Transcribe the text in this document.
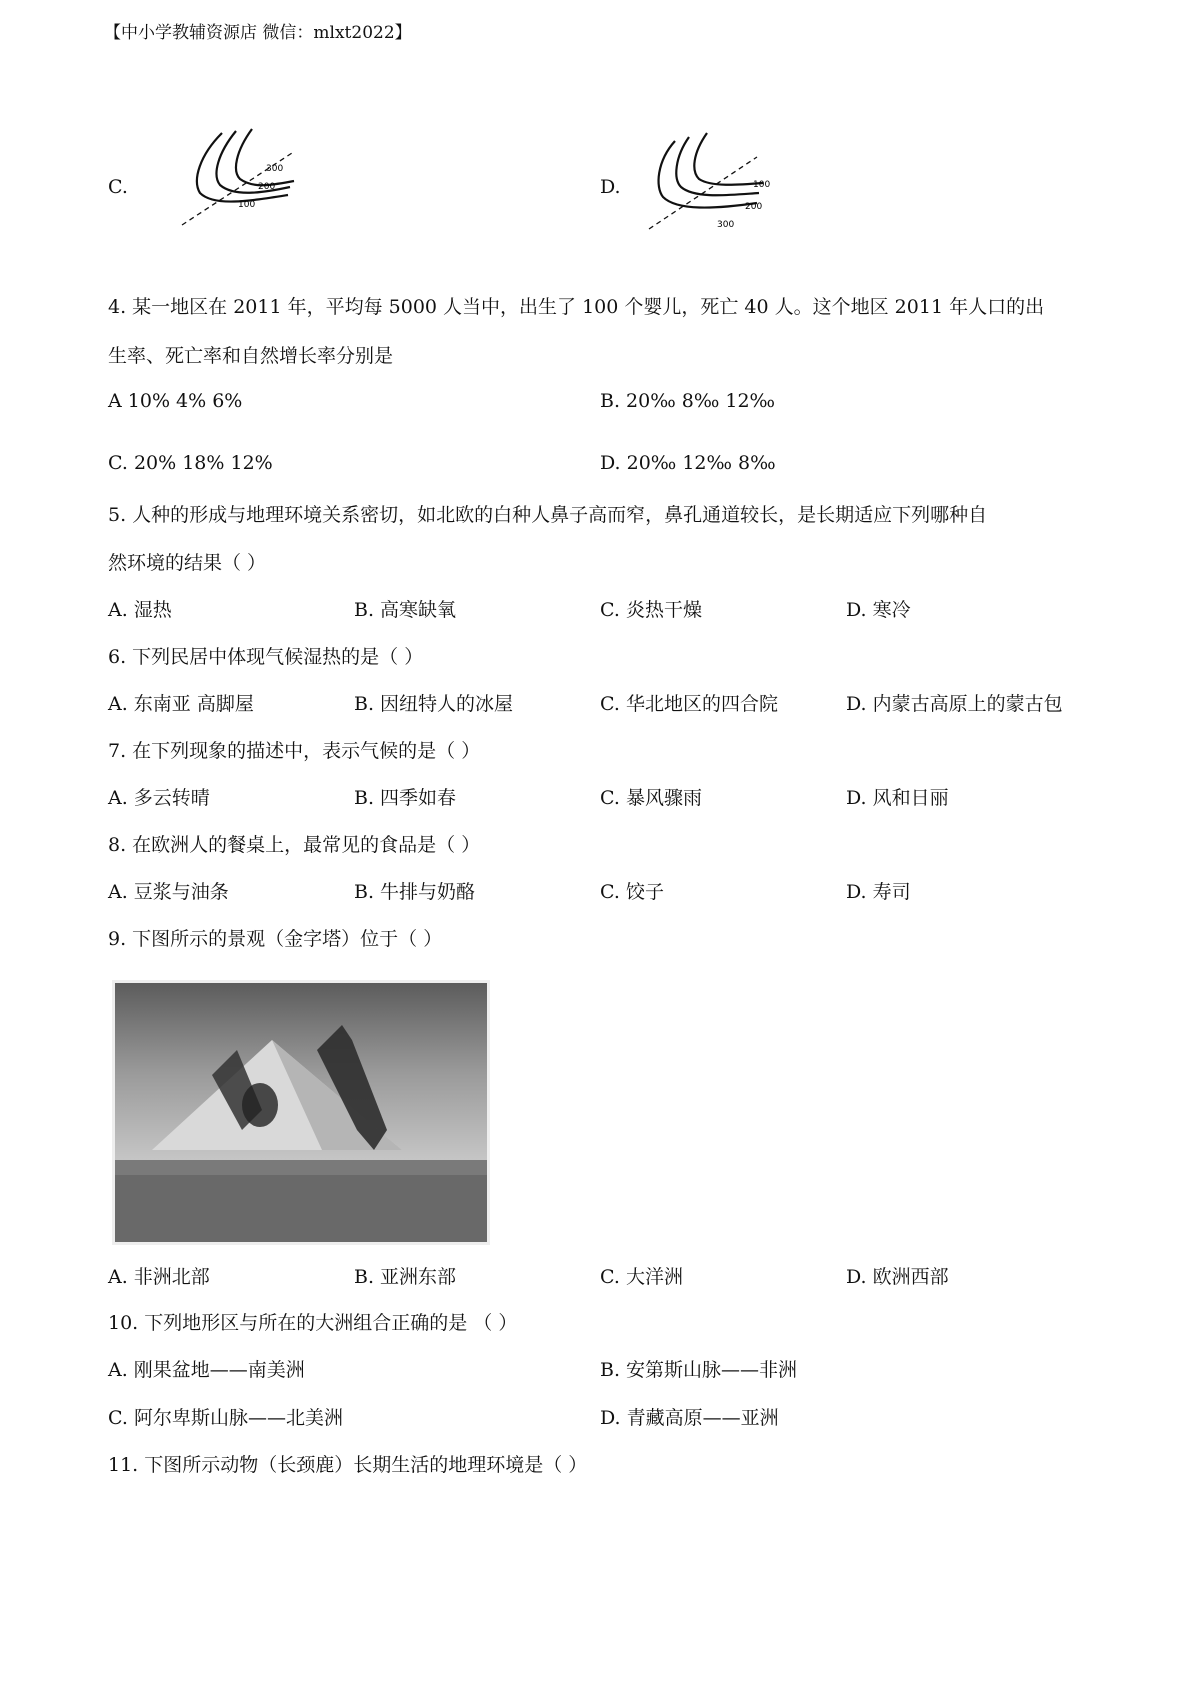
【中小学教辅资源店 微信：mlxt2022】
C.
300
200
100
D.	100
200
300
4. 某一地区在 2011 年，平均每 5000 人当中，出生了 100 个婴儿，死亡 40 人。这个地区 2011 年人口的出
生率、死亡率和自然增长率分别是
A 10% 4% 6%	B. 20‰ 8‰ 12‰
C. 20% 18% 12%	D. 20‰ 12‰ 8‰
5. 人种的形成与地理环境关系密切，如北欧的白种人鼻子高而窄，鼻孔通道较长，是长期适应下列哪种自
然环境的结果（ ）
A. 湿热	B. 高寒缺氧	C. 炎热干燥	D. 寒冷
6. 下列民居中体现气候湿热的是（ ）
A. 东南亚 高脚屋	B. 因纽特人的冰屋	C. 华北地区的四合院	D. 内蒙古高原上的蒙古包
7. 在下列现象的描述中，表示气候的是（ ）
A. 多云转晴	B. 四季如春	C. 暴风骤雨	D. 风和日丽
8. 在欧洲人的餐桌上，最常见的食品是（ ）
A. 豆浆与油条	B. 牛排与奶酪	C. 饺子	D. 寿司
9. 下图所示的景观（金字塔）位于（ ）
A. 非洲北部	B. 亚洲东部	C. 大洋洲	D. 欧洲西部
10. 下列地形区与所在的大洲组合正确的是 （ ）
A. 刚果盆地——南美洲	B. 安第斯山脉——非洲
C. 阿尔卑斯山脉——北美洲	D. 青藏高原——亚洲
11. 下图所示动物（长颈鹿）长期生活的地理环境是（ ）
